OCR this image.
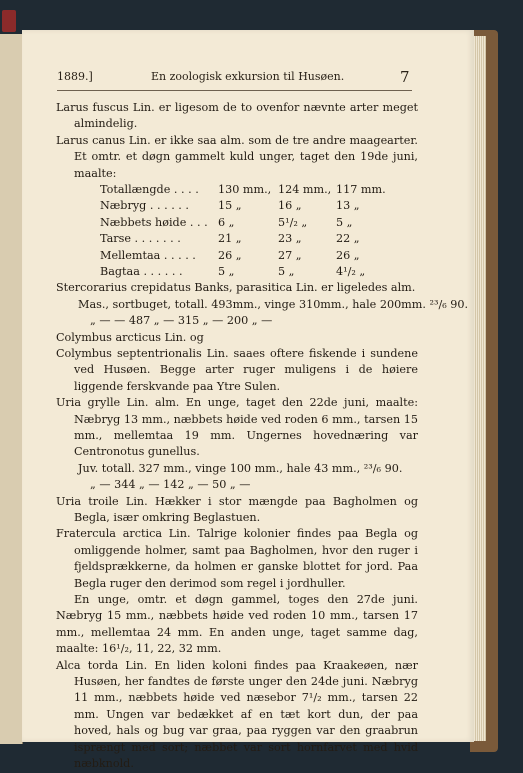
1889.]	En zoologisk exkursion til Husøen.	7

Larus fuscus Lin. er ligesom de to ovenfor nævnte arter meget almindelig.

Larus canus Lin. er ikke saa alm. som de tre andre maagearter. Et omtr. et døgn gammelt kuld unger, taget den 19de juni, maalte:

Totallængde . . . . 130 mm., 124 mm., 117 mm.
Næbryg . . . . . .	15 „	16 „	13 „
Næbbets høide . . . 6 „	5¹/₂ „	5 „
Tarse . . . . . . .	21 „	23 „	22 „
Mellemtaa . . . . . 26 „	27 „	26 „
Bagtaa . . . . . .	5 „	5 „	4¹/₂ „

Stercorarius crepidatus Banks, parasitica Lin. er ligeledes alm.

Mas., sortbuget, totall. 493mm., vinge 310mm., hale 200mm. ²³/₆ 90.
„ — — 487 „ — 315 „ — 200 „ —

Colymbus arcticus Lin. og

Colymbus septentrionalis Lin. saaes oftere fiskende i sundene ved Husøen. Begge arter ruger muligens i de høiere liggende ferskvande paa Ytre Sulen.

Uria grylle Lin. alm. En unge, taget den 22de juni, maalte: Næbryg 13 mm., næbbets høide ved roden 6 mm., tarsen 15 mm., mellemtaa 19 mm. Ungernes hovednæring var Centronotus gunellus.

Juv. totall. 327 mm., vinge 100 mm., hale 43 mm., ²³/₆ 90.
„ — 344 „ — 142 „ — 50 „ —

Uria troile Lin. Hækker i stor mængde paa Bagholmen og Begla, især omkring Beglastuen.

Fratercula arctica Lin. Talrige kolonier findes paa Begla og omliggende holmer, samt paa Bagholmen, hvor den ruger i fjeldsprækkerne, da holmen er ganske blottet for jord. Paa Begla ruger den derimod som regel i jordhuller.

En unge, omtr. et døgn gammel, toges den 27de juni. Næbryg 15 mm., næbbets høide ved roden 10 mm., tarsen 17 mm., mellemtaa 24 mm. En anden unge, taget samme dag, maalte: 16¹/₂, 11, 22, 32 mm.

Alca torda Lin. En liden koloni findes paa Kraakeøen, nær Husøen, her fandtes de første unger den 24de juni. Næbryg 11 mm., næbbets høide ved næsebor 7¹/₂ mm., tarsen 22 mm. Ungen var bedækket af en tæt kort dun, der paa hoved, hals og bug var graa, paa ryggen var den graabrun isprængt med sort; næbbet var sort hornfarvet med hvid næbknold.
